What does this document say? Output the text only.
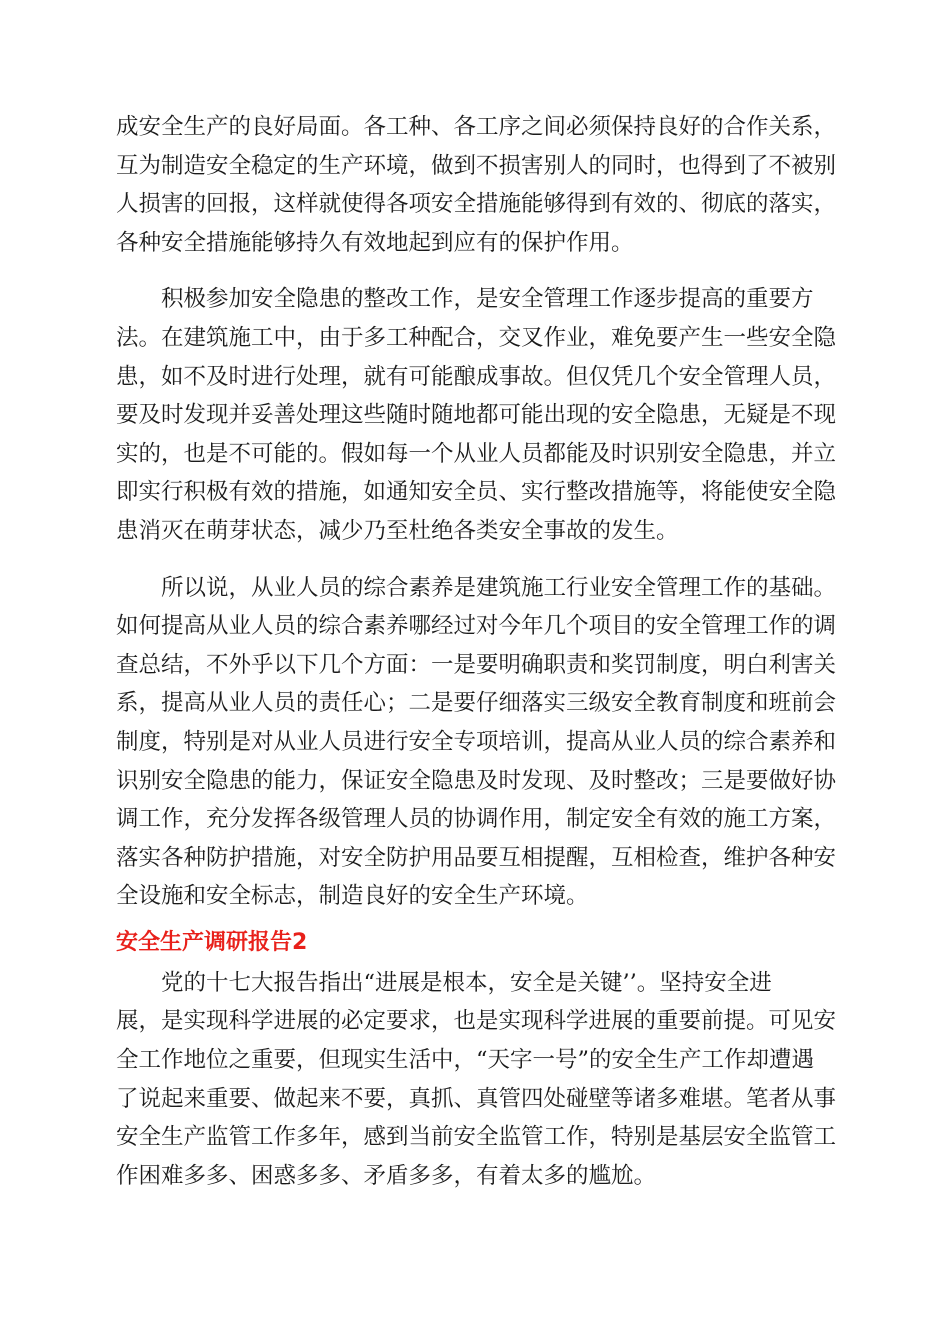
成安全生产的良好局面。各工种、各工序之间必须保持良好的合作关系，
互为制造安全稳定的生产环境，做到不损害别人的同时，也得到了不被别
人损害的回报，这样就使得各项安全措施能够得到有效的、彻底的落实，
各种安全措施能够持久有效地起到应有的保护作用。
积极参加安全隐患的整改工作，是安全管理工作逐步提高的重要方
法。在建筑施工中，由于多工种配合，交叉作业，难免要产生一些安全隐
患，如不及时进行处理，就有可能酿成事故。但仅凭几个安全管理人员，
要及时发现并妥善处理这些随时随地都可能出现的安全隐患，无疑是不现
实的，也是不可能的。假如每一个从业人员都能及时识别安全隐患，并立
即实行积极有效的措施，如通知安全员、实行整改措施等，将能使安全隐
患消灭在萌芽状态，减少乃至杜绝各类安全事故的发生。
所以说，从业人员的综合素养是建筑施工行业安全管理工作的基础。
如何提高从业人员的综合素养哪经过对今年几个项目的安全管理工作的调
查总结，不外乎以下几个方面：一是要明确职责和奖罚制度，明白利害关
系，提高从业人员的责任心；二是要仔细落实三级安全教育制度和班前会
制度，特别是对从业人员进行安全专项培训，提高从业人员的综合素养和
识别安全隐患的能力，保证安全隐患及时发现、及时整改；三是要做好协
调工作，充分发挥各级管理人员的协调作用，制定安全有效的施工方案，
落实各种防护措施，对安全防护用品要互相提醒，互相检查，维护各种安
全设施和安全标志，制造良好的安全生产环境。
安全生产调研报告2
党的十七大报告指出“进展是根本，安全是关键’’。坚持安全进
展，是实现科学进展的必定要求，也是实现科学进展的重要前提。可见安
全工作地位之重要，但现实生活中，“天字一号”的安全生产工作却遭遇
了说起来重要、做起来不要，真抓、真管四处碰壁等诸多难堪。笔者从事
安全生产监管工作多年，感到当前安全监管工作，特别是基层安全监管工
作困难多多、困惑多多、矛盾多多，有着太多的尴尬。
